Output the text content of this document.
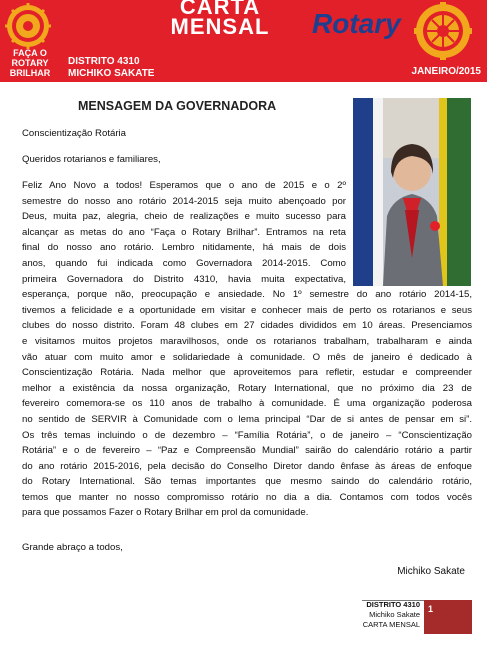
FAÇA O ROTARY
BRILHAR
CARTA
MENSAL	Rotary
DISTRITO 4310
MICHIKO SAKATE	JANEIRO/2015
MENSAGEM DA GOVERNADORA
Conscientização Rotária
Queridos rotarianos e familiares,
Feliz Ano Novo a todos! Esperamos que o ano de 2015 e o 2º
semestre do nosso ano rotário 2014-2015 seja muito abençoado por
Deus, muita paz, alegria, cheio de realizações e muito sucesso para
alcançar as metas do ano “Faça o Rotary Brilhar”. Entramos na reta
final do nosso ano rotário. Lembro nitidamente, há mais de dois
anos, quando fui indicada como Governadora 2014-2015. Como
primeira Governadora do Distrito 4310, havia muita expectativa,
esperança, porque não, preocupação e ansiedade. No 1º semestre do ano rotário 2014-15,
tivemos a felicidade e a oportunidade em visitar e conhecer mais de perto os rotarianos e seus
clubes do nosso distrito. Foram 48 clubes em 27 cidades divididos em 10 áreas. Presenciamos
e visitamos muitos projetos maravilhosos, onde os rotarianos trabalham, trabalharam e ainda
vão atuar com muito amor e solidariedade à comunidade. O mês de janeiro é dedicado à
Conscientização Rotária. Nada melhor que aproveitemos para refletir, estudar e compreender
melhor a existência da nossa organização, Rotary International, que no próximo dia 23 de
fevereiro comemora-se os 110 anos de trabalho à comunidade. É uma organização poderosa
no sentido de SERVIR à Comunidade com o lema principal “Dar de si antes de pensar em si”.
Os três temas incluindo o de dezembro – “Família Rotária”, o de janeiro – “Conscientização
Rotária” e o de fevereiro – “Paz e Compreensão Mundial” sairão do calendário rotário a partir
do ano rotário 2015-2016, pela decisão do Conselho Diretor dando ênfase às áreas de enfoque
do Rotary International. São temas importantes que mesmo saindo do calendário rotário,
temos que manter no nosso compromisso rotário no dia a dia. Contamos com todos vocês
para que possamos Fazer o Rotary Brilhar em prol da comunidade.
Grande abraço a todos,
Michiko Sakate
DISTRITO 4310
Michiko Sakate
CARTA MENSAL
1
